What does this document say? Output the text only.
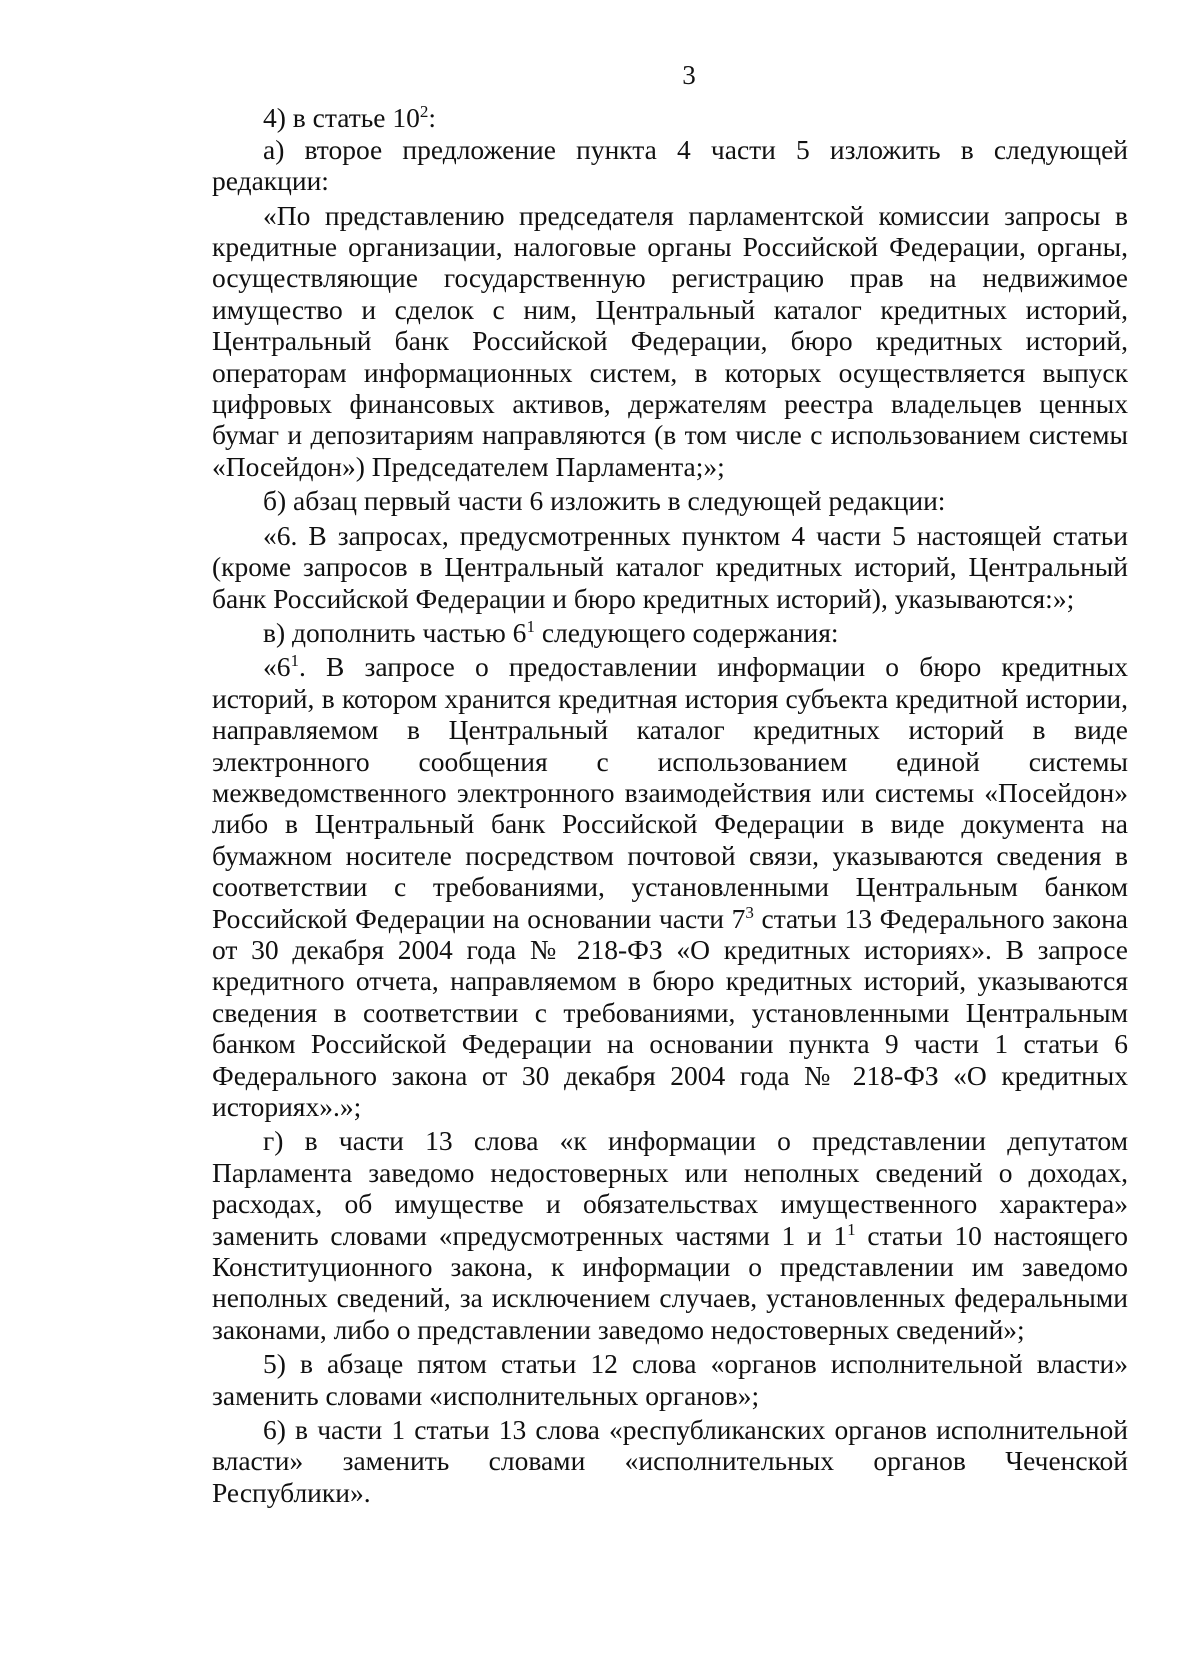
3

4) в статье $10^2$:

а) второе предложение пункта 4 части 5 изложить в следующей редакции:

«По представлению председателя парламентской комиссии запросы в кредитные организации, налоговые органы Российской Федерации, органы, осуществляющие государственную регистрацию прав на недвижимое имущество и сделок с ним, Центральный каталог кредитных историй, Центральный банк Российской Федерации, бюро кредитных историй, операторам информационных систем, в которых осуществляется выпуск цифровых финансовых активов, держателям реестра владельцев ценных бумаг и депозитариям направляются (в том числе с использованием системы «Посейдон») Председателем Парламента;»;

б) абзац первый части 6 изложить в следующей редакции:

«6. В запросах, предусмотренных пунктом 4 части 5 настоящей статьи (кроме запросов в Центральный каталог кредитных историй, Центральный банк Российской Федерации и бюро кредитных историй), указываются:»;

в) дополнить частью $6^1$ следующего содержания:

«$6^1$. В запросе о предоставлении информации о бюро кредитных историй, в котором хранится кредитная история субъекта кредитной истории, направляемом в Центральный каталог кредитных историй в виде электронного сообщения с использованием единой системы межведомственного электронного взаимодействия или системы «Посейдон» либо в Центральный банк Российской Федерации в виде документа на бумажном носителе посредством почтовой связи, указываются сведения в соответствии с требованиями, установленными Центральным банком Российской Федерации на основании части $7^3$ статьи 13 Федерального закона от 30 декабря 2004 года № 218-ФЗ «О кредитных историях». В запросе кредитного отчета, направляемом в бюро кредитных историй, указываются сведения в соответствии с требованиями, установленными Центральным банком Российской Федерации на основании пункта 9 части 1 статьи 6 Федерального закона от 30 декабря 2004 года № 218-ФЗ «О кредитных историях».»;

г) в части 13 слова «к информации о представлении депутатом Парламента заведомо недостоверных или неполных сведений о доходах, расходах, об имуществе и обязательствах имущественного характера» заменить словами «предусмотренных частями 1 и $1^1$ статьи 10 настоящего Конституционного закона, к информации о представлении им заведомо неполных сведений, за исключением случаев, установленных федеральными законами, либо о представлении заведомо недостоверных сведений»;

5) в абзаце пятом статьи 12 слова «органов исполнительной власти» заменить словами «исполнительных органов»;

6) в части 1 статьи 13 слова «республиканских органов исполнительной власти» заменить словами «исполнительных органов Чеченской Республики».
